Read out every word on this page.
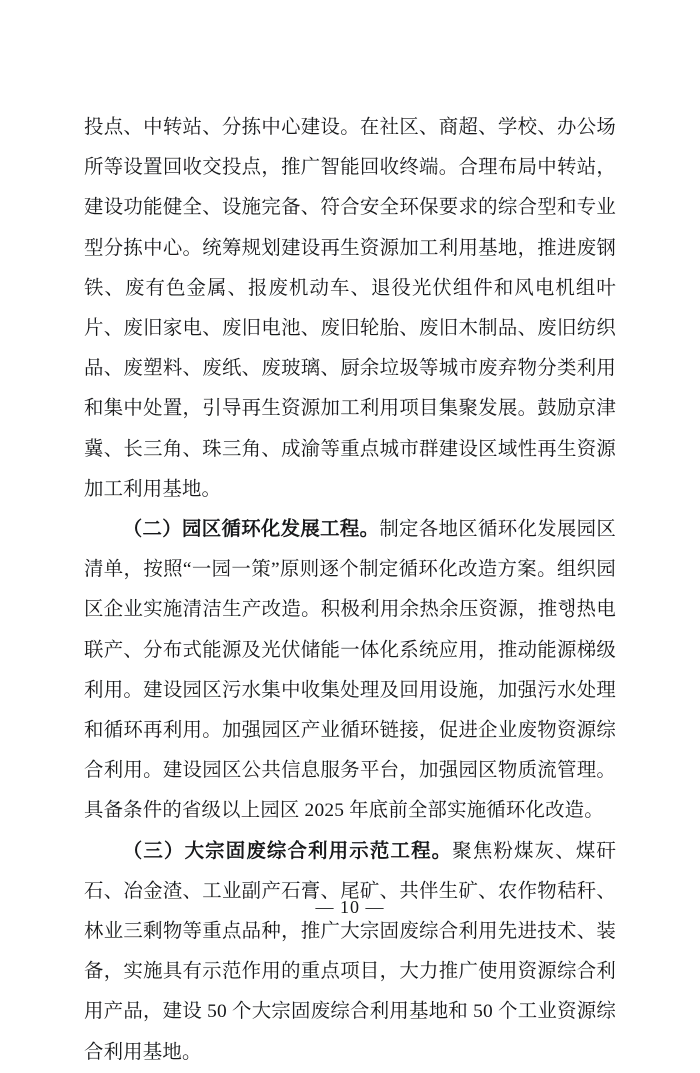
投点、中转站、分拣中心建设。在社区、商超、学校、办公场所等设置回收交投点，推广智能回收终端。合理布局中转站，建设功能健全、设施完备、符合安全环保要求的综合型和专业型分拣中心。统筹规划建设再生资源加工利用基地，推进废钢铁、废有色金属、报废机动车、退役光伏组件和风电机组叶片、废旧家电、废旧电池、废旧轮胎、废旧木制品、废旧纺织品、废塑料、废纸、废玻璃、厨余垃圾等城市废弃物分类利用和集中处置，引导再生资源加工利用项目集聚发展。鼓励京津冀、长三角、珠三角、成渝等重点城市群建设区域性再生资源加工利用基地。

（二）园区循环化发展工程。制定各地区循环化发展园区清单，按照“一园一策”原则逐个制定循环化改造方案。组织园区企业实施清洁生产改造。积极利用余热余压资源，推행热电联产、分布式能源及光伏储能一体化系统应用，推动能源梯级利用。建设园区污水集中收集处理及回用设施，加强污水处理和循环再利用。加强园区产业循环链接，促进企业废物资源综合利用。建设园区公共信息服务平台，加强园区物质流管理。具备条件的省级以上园区 2025 年底前全部实施循环化改造。

（三）大宗固废综合利用示范工程。聚焦粉煤灰、煤矸石、冶金渣、工业副产石膏、尾矿、共伴生矿、农作物秸秆、林业三剩物等重点品种，推广大宗固废综合利用先进技术、装备，实施具有示范作用的重点项目，大力推广使用资源综合利用产品，建设 50 个大宗固废综合利用基地和 50 个工业资源综合利用基地。

— 10 —
